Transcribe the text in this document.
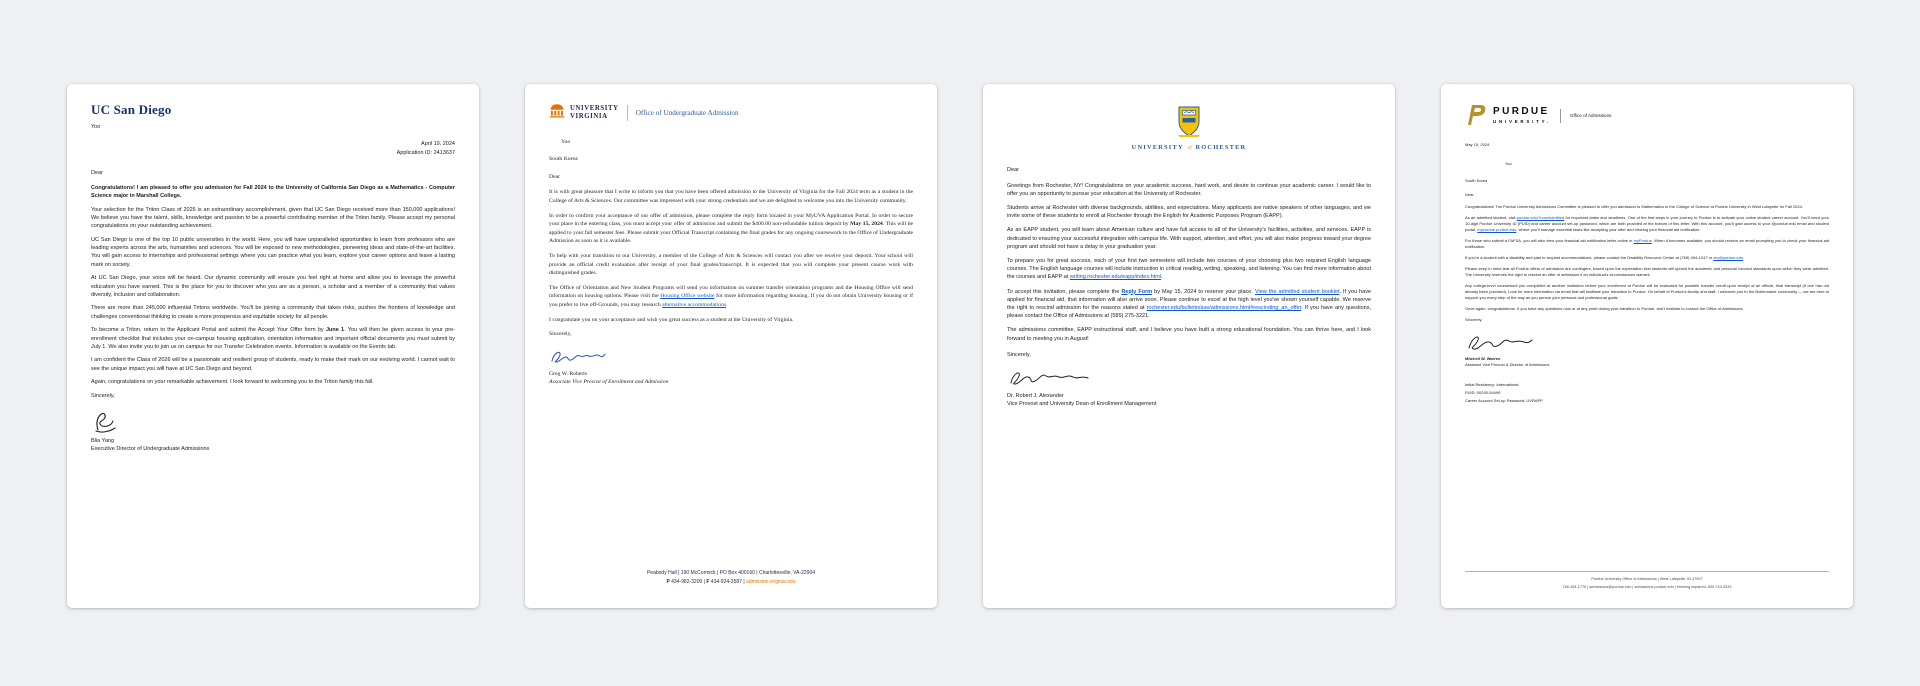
UC San Diego
Yoo
April 19, 2024
Application ID: 2413637
Dear

Congratulations! I am pleased to offer you admission for Fall 2024 to the University of California San Diego as a Mathematics - Computer Science major in Marshall College.

Your selection for the Triton Class of 2026 is an extraordinary accomplishment, given that UC San Diego received more than 150,000 applications! We believe you have the talent, skills, knowledge and passion to be a powerful contributing member of the Triton family. Please accept my personal congratulations on your outstanding achievement.

UC San Diego is one of the top 10 public universities in the world. Here, you will have unparalleled opportunities to learn from professors who are leading experts across the arts, humanities and sciences. You will be exposed to new methodologies, pioneering ideas and state-of-the-art facilities. You will gain access to internships and professional settings where you can practice what you learn, explore your career options and leave a lasting mark on society.

At UC San Diego, your voice will be heard. Our dynamic community will ensure you feel right at home and allow you to leverage the powerful education you have earned. This is the place for you to discover who you are as a person, a scholar and a member of a community that values diversity, inclusion and collaboration.

There are more than 245,000 influential Tritons worldwide. You'll be joining a community that takes risks, pushes the frontiers of knowledge and challenges conventional thinking to create a more prosperous and equitable society for all people.

To become a Triton, return to the Applicant Portal and submit the Accept Your Offer form by June 1. You will then be given access to your pre-enrollment checklist that includes your on-campus housing application, orientation information and important official documents you must submit by July 1. We also invite you to join us on campus for our Transfer Celebration events. Information is available on the Events tab.

I am confident the Class of 2026 will be a passionate and resilient group of students, ready to make their mark on our evolving world. I cannot wait to see the unique impact you will have at UC San Diego and beyond.

Again, congratulations on your remarkable achievement. I look forward to welcoming you to the Triton family this fall.

Sincerely,
Blia Yang
Executive Director of Undergraduate Admissions
UNIVERSITY
VIRGINIA	Office of Undergraduate Admission
Yoo
South Korea
Dear

It is with great pleasure that I write to inform you that you have been offered admission to the University of Virginia for the Fall 2024 term as a student in the College of Arts & Sciences. Our committee was impressed with your strong credentials and we are delighted to welcome you into the University community.

In order to confirm your acceptance of our offer of admission, please complete the reply form located in your MyUVA Application Portal. In order to secure your place in the entering class, you must accept your offer of admission and submit the $400.00 non-refundable tuition deposit by May 15, 2024. This will be applied to your fall semester fees. Please submit your Official Transcript containing the final grades for any ongoing coursework to the Office of Undergraduate Admission as soon as it is available.

To help with your transition to our University, a member of the College of Arts & Sciences will contact you after we receive your deposit. Your school will provide an official credit evaluation after receipt of your final grades/transcript. It is expected that you will complete your present course work with distinguished grades.

The Office of Orientation and New Student Programs will send you information on summer transfer orientation programs and the Housing Office will send information on housing options. Please visit the Housing Office website for more information regarding housing. If you do not obtain University housing or if you prefer to live off-Grounds, you may research alternative accommodations.

I congratulate you on your acceptance and wish you great success as a student at the University of Virginia.

Sincerely,
Greg W. Roberts
Associate Vice Provost of Enrollment and Admission

Peabody Hall | 190 McCormick | PO Box 400160 | Charlottesville, VA-22904

P 434-982-3200 | F 434-924-3587 | admission.virginia.edu

UNIVERSITY of ROCHESTER
Dear

Greetings from Rochester, NY! Congratulations on your academic success, hard work, and desire to continue your academic career. I would like to offer you an opportunity to pursue your education at the University of Rochester.

Students arrive at Rochester with diverse backgrounds, abilities, and expectations. Many applicants are native speakers of other languages, and we invite some of these students to enroll at Rochester through the English for Academic Purposes Program (EAPP).

As an EAPP student, you will learn about American culture and have full access to all of the University's facilities, activities, and services. EAPP is dedicated to ensuring your successful integration with campus life. With support, attention, and effort, you will also make progress toward your degree program and should not have a delay in your graduation year.

To prepare you for great success, each of your first two semesters will include two courses of your choosing plus two required English language courses. The English language courses will include instruction in critical reading, writing, speaking, and listening. You can find more information about the courses and EAPP at writing.rochester.edu/eapp/index.html.

To accept this invitation, please complete the Reply Form by May 15, 2024 to reserve your place. View the admitted student booklet. If you have applied for financial aid, that information will also arrive soon. Please continue to excel at the high level you've shown yourself capable. We reserve the right to rescind admission for the reasons stated at rochester.edu/bulletin/ase/admissions.html#rescinding_an_offer. If you have any questions, please contact the Office of Admissions at (585) 275-3221.

The admissions committee, EAPP instructional staff, and I believe you have built a strong educational foundation. You can thrive here, and I look forward to meeting you in August!

Sincerely,
Dr. Robert J. Alexander
Vice Provost and University Dean of Enrollment Management
PURDUE
UNIVERSITY.
Office of Admissions
May 15, 2024
Yoo
South Korea
Dear

Congratulations! The Purdue University Admissions Committee is pleased to offer you admission to Mathematics in the College of Science at Purdue University in West Lafayette for Fall 2024.

As an admitted student, visit purdue.edu/YoureAdmitted for important dates and deadlines. One of the first steps in your journey to Purdue is to activate your online student career account. You'll need your 10-digit Purdue University ID (PUID) and career account set-up password, which are both provided at the bottom of this letter. With this account, you'll gain access to your @purdue.edu email and student portal, mypurdue.purdue.edu, where you'll manage essential tasks like accepting your offer and viewing your financial aid notification.

For those who submit a FAFSA, you will also view your financial aid notification letter online in myPurdue. When it becomes available, you should receive an email prompting you to check your financial aid notification.

If you're a student with a disability and plan to request accommodations, please contact the Disability Resource Center at (765) 494-1247 or drc@purdue.edu.

Please keep in mind that all Purdue offers of admission are contingent, based upon the expectation that students will uphold the academic and personal conduct standards upon which they were admitted. The University reserves the right to rescind an offer of admission if an individual's circumstances warrant.

Any college-level coursework you completed at another institution before your enrollment at Purdue will be evaluated for possible transfer credit upon receipt of an official, final transcript (if one has not already been provided). Look for more information via email that will facilitate your transition to Purdue. On behalf of Purdue's faculty and staff, I welcome you to the Boilermaker community — we are here to support you every step of the way as you pursue your personal and professional goals.

Once again, congratulations. If you have any questions now or at any point during your transition to Purdue, don't hesitate to contact the Office of Admissions.

Sincerely,
Mitchell W. Warren
Assistant Vice Provost & Director of Admissions
Initial Residency: International
PUID: 00293-54499
Career Account Set-up Password: UVRAPP

Purdue University Office of Admissions | West Lafayette, IN 47907

765-494-1776 | admissions@purdue.edu | admissions.purdue.edu | Hearing impaired: 800-743-3333
